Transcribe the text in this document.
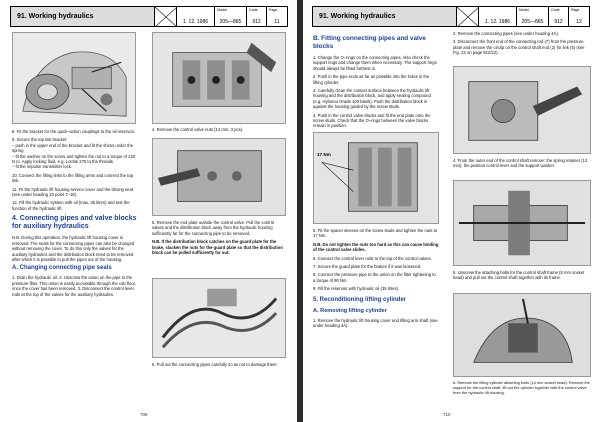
91. Working hydraulics
1. 12. 1986
Model
205—865
Code
912
Page
11

8. Fit the bracket for the quick–action couplings to the oil reservoir.

9. Secure the top link bracket:
– push in the upper end of the bracket and fit the shims under the spring
– fit the washer on the screw and tighten the nut to a torque of 220 N m. Apply locking fluid, e.g. Loctite 270 to the threads
– fit the impulse transmitter lock.

10. Connect the lifting links to the lifting arms and connect the top link.

11. Fit the hydraulic lift housing service cover and the driving seat (see under heading 20 point 7–18).

12. Fill the hydraulic system with oil (max. 35 litres) and test the function of the hydraulic lift.

4. Connecting pipes and valve blocks for auxiliary hydraulics

N.B. During this operation, the hydraulic lift housing cover is removed. The seals for the connecting pipes can also be changed without removing the cover. To do this only the valves for the auxiliary hydraulics and the distribution block need to be removed after which it is possible to pull the pipes out of the housing.

A. Changing connecting pipe seals

1. Drain the hydraulic oil. 2. Unscrew the union on the pipe to the pressure filter. This union is easily accessible through the cab floor, once the cover has been removed. 3. Disconnect the control lever rods at the top of the valves for the auxiliary hydraulics.

4. Remove the control valve nuts (14 mm, 3 pcs).

5. Remove the end plate outside the control valve. Pull the control valves and the distribution block away from the hydraulic housing sufficiently far for the connecting pipe to be removed.

N.B. If the distribution block catches on the guard plate for the brake, slacken the nuts for the guard plate so that the distribution block can be pulled sufficiently far out.

6. Pull out the connecting pipes carefully so as not to damage them.

709
91. Working hydraulics
1. 12. 1986
Model
205—865
Code
912
Page
12
B. Fitting connecting pipes and valve blocks

1. Change the O–rings on the connecting pipes. Also check the support rings and change them when necessary. The support rings should always be fitted furthest in.

2. Push in the pipe ends as far as possible into the holes in the lifting cylinder.

3. Carefully clean the contact surface between the hydraulic lift housing and the distribution block, and apply sealing compound (e.g. Hylomar Grade 100 blank). Push the distribution block in against the housing guided by the screw studs.

4. Push in the control valve blocks and fit the end plate onto the screw studs. Check that the O–rings between the valve blocks remain in position.

17 Nm

5. Fit the spacer sleeves on the screw studs and tighten the nuts to 17 Nm.

N.B. Do not tighten the nuts too hard as this can cause binding of the control valve slides.

6. Connect the control lever rods to the top of the control valves.

7. Secure the guard plate for the brakes if it was loosened.

8. Connect the pressure pipe to the union on the filter tightening to a torque of 90 Nm.

9. Fill the reservoir with hydraulic oil (35 litres).

5. Reconditioning lifting cylinder
A. Removing lifting cylinder

1. Remove the hydraulic lift housing cover and lifting arm shaft (see under heading 3A).

2. Remove the connecting pipes (see under heading 4A).

3. Disconnect the front end of the connecting rod (7) from the pressure plate and remove the circlip on the control shaft end (2) for link (5) (see Fig. 22 on page 912/22).

4. From the outer end of the control shaft remove: the spring retainer (13 mm), the position control lever and the support washer.

5. Unscrew the attaching bolts for the control shaft frame (8 mm socket head) and pull out the control shaft together with its frame.

6. Remove the lifting cylinder attaching bolts (14 mm socket head). Remove the support for the control shaft, lift out the cylinder together with the control valve from the hydraulic lift housing.

710
